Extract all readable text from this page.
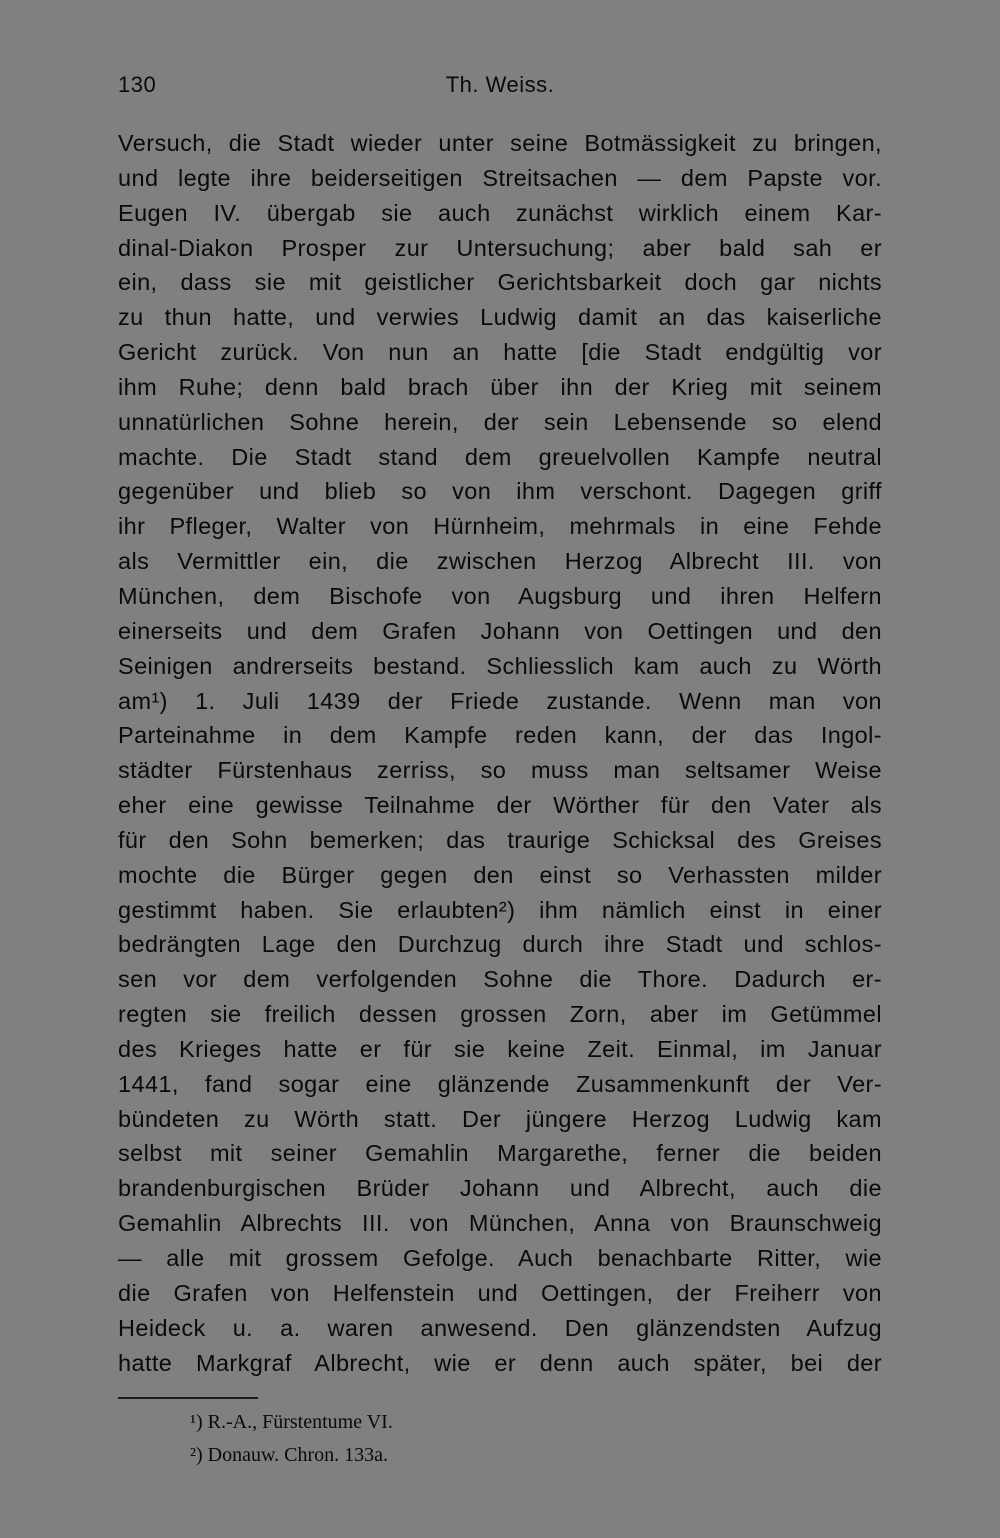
130	Th. Weiss.
Versuch, die Stadt wieder unter seine Botmässigkeit zu bringen,
und legte ihre beiderseitigen Streitsachen — dem Papste vor.
Eugen IV. übergab sie auch zunächst wirklich einem Kar-
dinal-Diakon Prosper zur Untersuchung; aber bald sah er
ein, dass sie mit geistlicher Gerichtsbarkeit doch gar nichts
zu thun hatte, und verwies Ludwig damit an das kaiserliche
Gericht zurück. Von nun an hatte [die Stadt endgültig vor
ihm Ruhe; denn bald brach über ihn der Krieg mit seinem
unnatürlichen Sohne herein, der sein Lebensende so elend
machte. Die Stadt stand dem greuelvollen Kampfe neutral
gegenüber und blieb so von ihm verschont. Dagegen griff
ihr Pfleger, Walter von Hürnheim, mehrmals in eine Fehde
als Vermittler ein, die zwischen Herzog Albrecht III. von
München, dem Bischofe von Augsburg und ihren Helfern
einerseits und dem Grafen Johann von Oettingen und den
Seinigen andrerseits bestand. Schliesslich kam auch zu Wörth
am¹) 1. Juli 1439 der Friede zustande. Wenn man von
Parteinahme in dem Kampfe reden kann, der das Ingol-
städter Fürstenhaus zerriss, so muss man seltsamer Weise
eher eine gewisse Teilnahme der Wörther für den Vater als
für den Sohn bemerken; das traurige Schicksal des Greises
mochte die Bürger gegen den einst so Verhassten milder
gestimmt haben. Sie erlaubten²) ihm nämlich einst in einer
bedrängten Lage den Durchzug durch ihre Stadt und schlos-
sen vor dem verfolgenden Sohne die Thore. Dadurch er-
regten sie freilich dessen grossen Zorn, aber im Getümmel
des Krieges hatte er für sie keine Zeit. Einmal, im Januar
1441, fand sogar eine glänzende Zusammenkunft der Ver-
bündeten zu Wörth statt. Der jüngere Herzog Ludwig kam
selbst mit seiner Gemahlin Margarethe, ferner die beiden
brandenburgischen Brüder Johann und Albrecht, auch die
Gemahlin Albrechts III. von München, Anna von Braunschweig
— alle mit grossem Gefolge. Auch benachbarte Ritter, wie
die Grafen von Helfenstein und Oettingen, der Freiherr von
Heideck u. a. waren anwesend. Den glänzendsten Aufzug
hatte Markgraf Albrecht, wie er denn auch später, bei der
¹) R.-A., Fürstentume VI.
²) Donauw. Chron. 133a.
